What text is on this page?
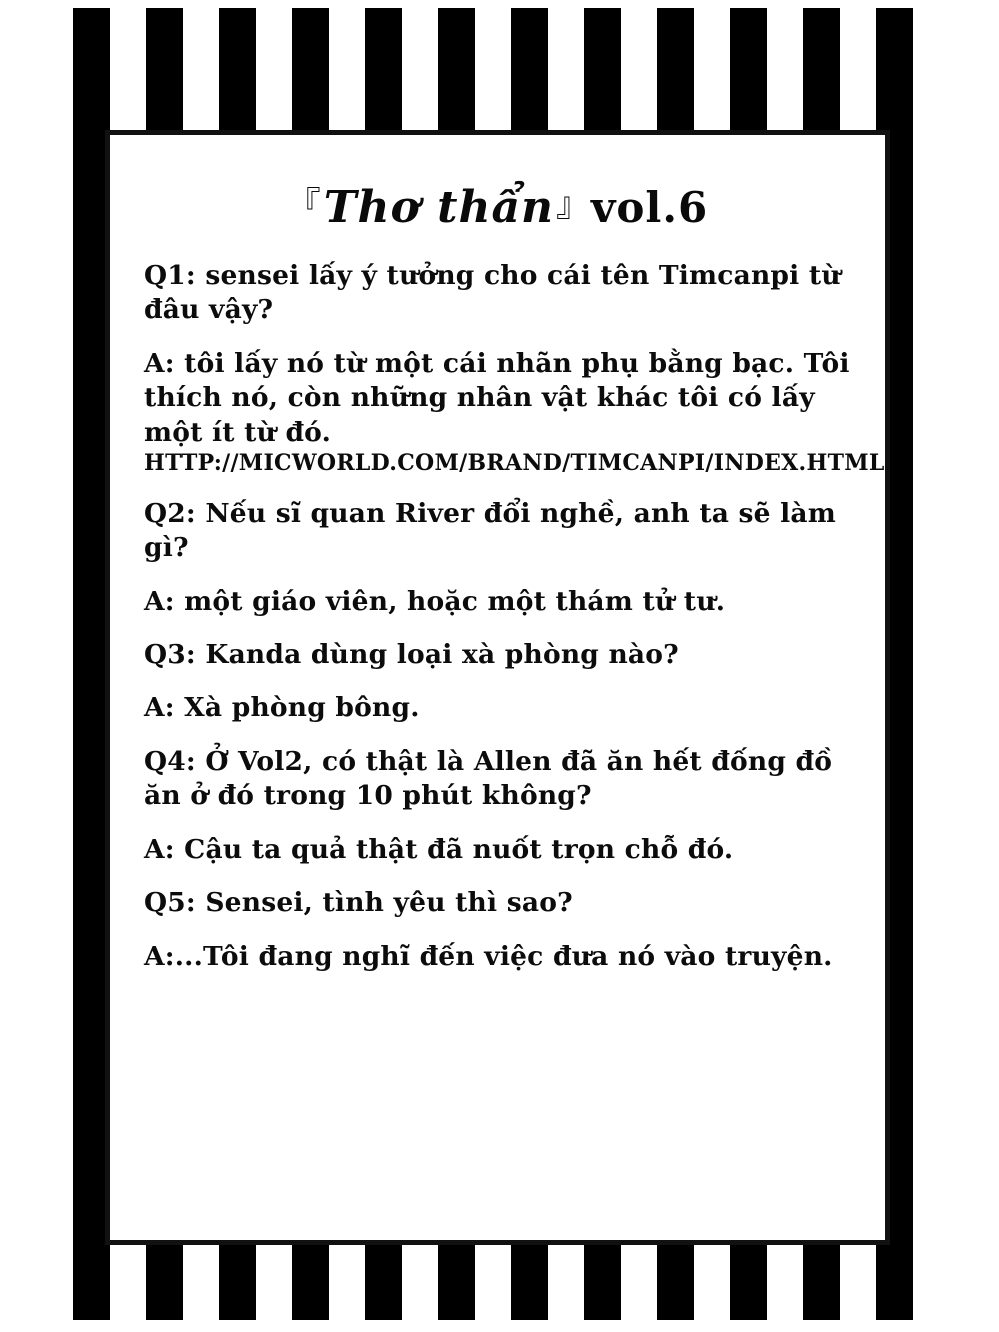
『Thơ thẩn』vol.6
Q1: sensei lấy ý tưởng cho cái tên Timcanpi từ đâu vậy?
A: tôi lấy nó từ một cái nhãn phụ bằng bạc. Tôi thích nó, còn những nhân vật khác tôi có lấy một ít từ đó.
HTTP://MICWORLD.COM/BRAND/TIMCANPI/INDEX.HTML
Q2: Nếu sĩ quan River đổi nghề, anh ta sẽ làm gì?
A: một giáo viên, hoặc một thám tử tư.
Q3: Kanda dùng loại xà phòng nào?
A: Xà phòng bông.
Q4: Ở Vol2, có thật là Allen đã ăn hết đống đồ ăn ở đó trong 10 phút không?
A: Cậu ta quả thật đã nuốt trọn chỗ đó.
Q5: Sensei, tình yêu thì sao?
A:...Tôi đang nghĩ đến việc đưa nó vào truyện.
